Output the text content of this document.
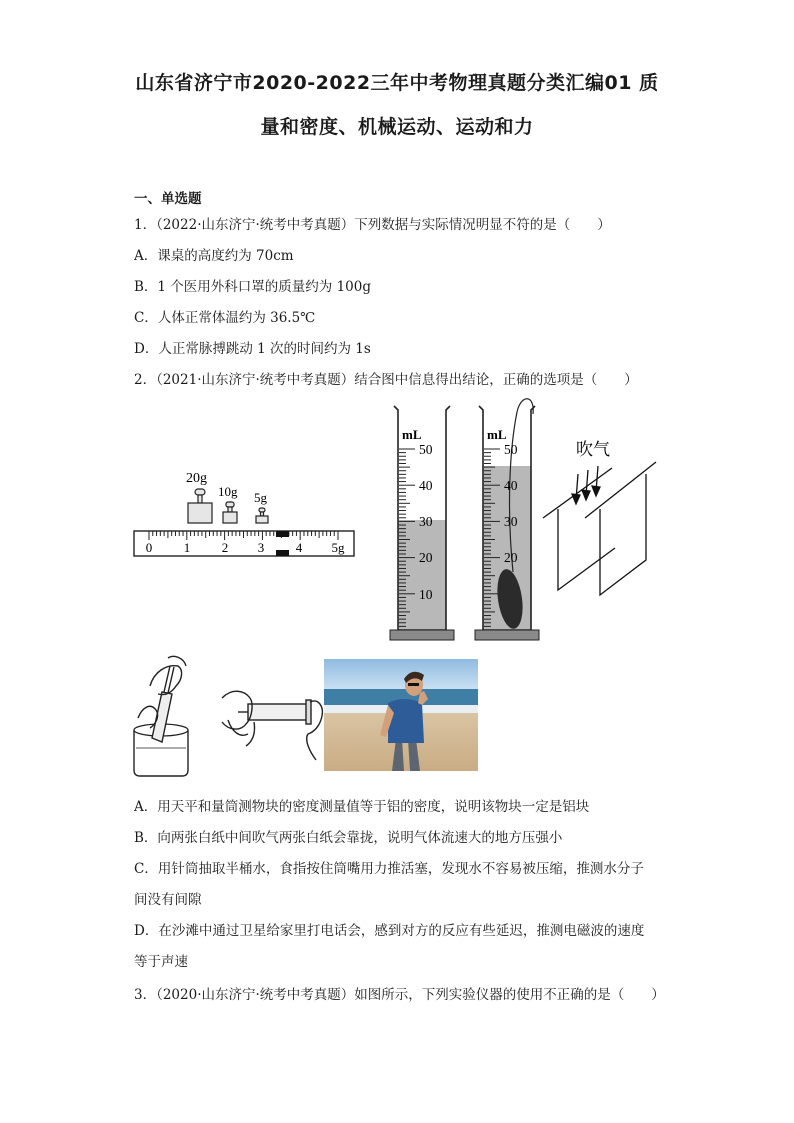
山东省济宁市2020-2022三年中考物理真题分类汇编01 质
量和密度、机械运动、运动和力
一、单选题
1．（2022·山东济宁·统考中考真题）下列数据与实际情况明显不符的是（　　）
A．课桌的高度约为 70cm
B．1 个医用外科口罩的质量约为 100g
C．人体正常体温约为 36.5℃
D．人正常脉搏跳动 1 次的时间约为 1s
2．（2021·山东济宁·统考中考真题）结合图中信息得出结论，正确的选项是（　　）
20g
10g 5g
0 1 2 3 4 5g
mL
50
40
30
20
10
mL
50
40
30
20
吹气
A．用天平和量筒测物块的密度测量值等于铝的密度，说明该物块一定是铝块
B．向两张白纸中间吹气两张白纸会靠拢，说明气体流速大的地方压强小
C．用针筒抽取半桶水，食指按住筒嘴用力推活塞，发现水不容易被压缩，推测水分子
间没有间隙
D．在沙滩中通过卫星给家里打电话会，感到对方的反应有些延迟，推测电磁波的速度
等于声速
3．（2020·山东济宁·统考中考真题）如图所示，下列实验仪器的使用不正确的是（　　）
